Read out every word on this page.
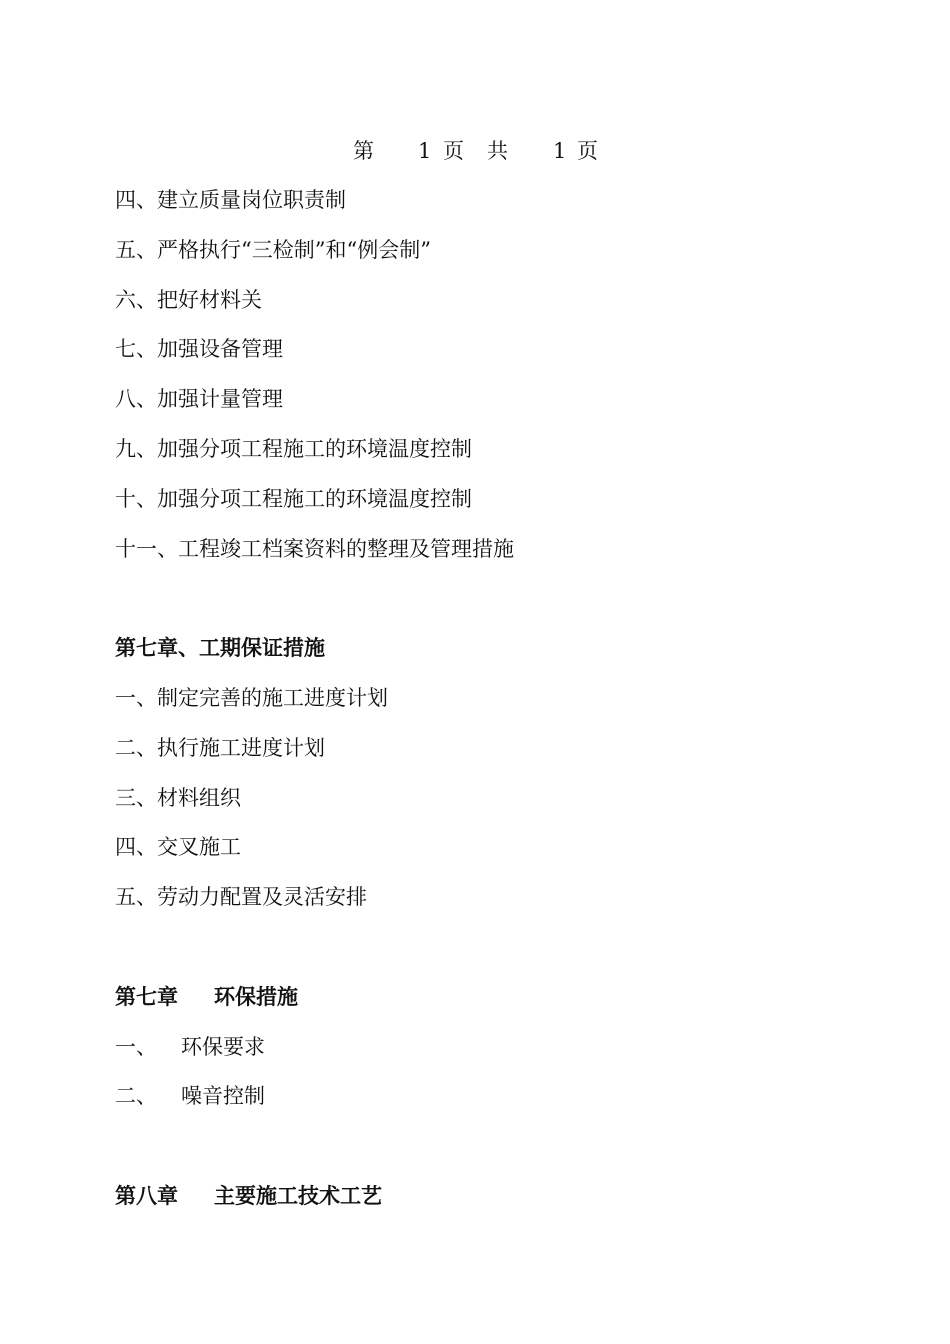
第 1 页 共 1 页
四、建立质量岗位职责制
五、严格执行“三检制”和“例会制”
六、把好材料关
七、加强设备管理
八、加强计量管理
九、加强分项工程施工的环境温度控制
十、加强分项工程施工的环境温度控制
十一、工程竣工档案资料的整理及管理措施
第七章、工期保证措施
一、制定完善的施工进度计划
二、执行施工进度计划
三、材料组织
四、交叉施工
五、劳动力配置及灵活安排
第七章 环保措施
一、 环保要求
二、 噪音控制
第八章 主要施工技术工艺
